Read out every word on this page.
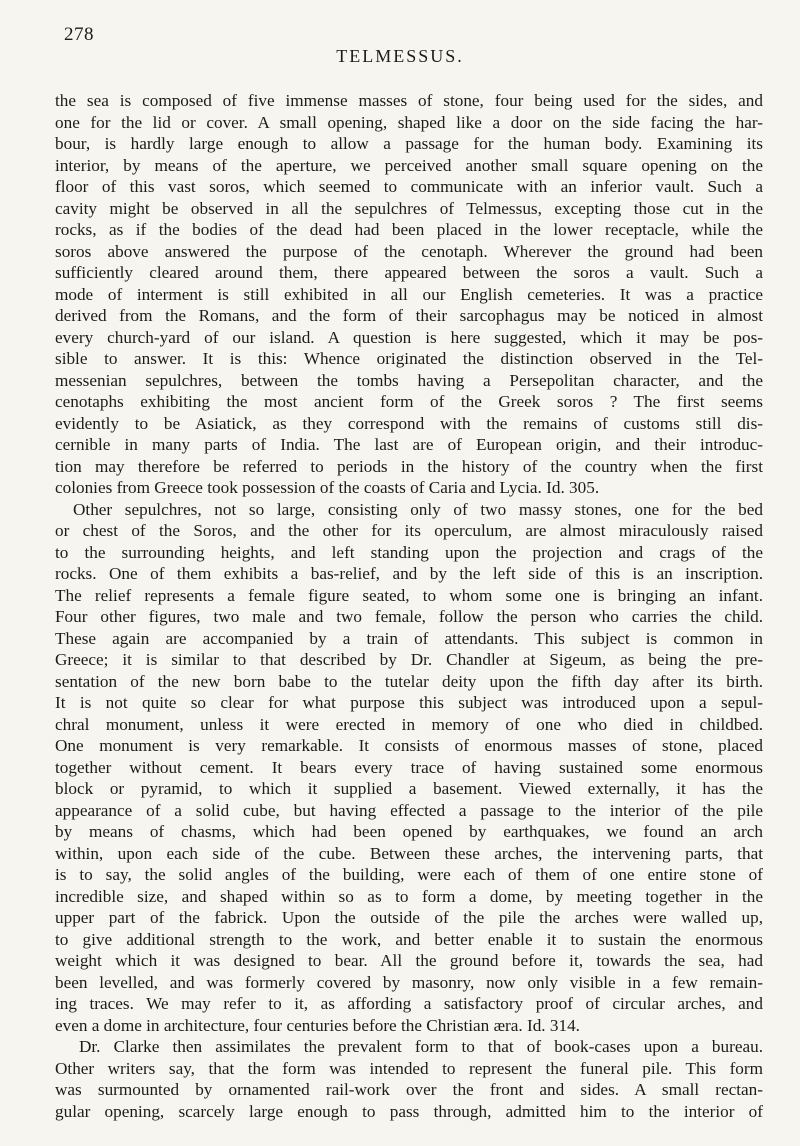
278
TELMESSUS.
the sea is composed of five immense masses of stone, four being used for the sides, and
one for the lid or cover. A small opening, shaped like a door on the side facing the har-
bour, is hardly large enough to allow a passage for the human body. Examining its
interior, by means of the aperture, we perceived another small square opening on the
floor of this vast soros, which seemed to communicate with an inferior vault. Such a
cavity might be observed in all the sepulchres of Telmessus, excepting those cut in the
rocks, as if the bodies of the dead had been placed in the lower receptacle, while the
soros above answered the purpose of the cenotaph. Wherever the ground had been
sufficiently cleared around them, there appeared between the soros a vault. Such a
mode of interment is still exhibited in all our English cemeteries. It was a practice
derived from the Romans, and the form of their sarcophagus may be noticed in almost
every church-yard of our island. A question is here suggested, which it may be pos-
sible to answer. It is this: Whence originated the distinction observed in the Tel-
messenian sepulchres, between the tombs having a Persepolitan character, and the
cenotaphs exhibiting the most ancient form of the Greek soros ? The first seems
evidently to be Asiatick, as they correspond with the remains of customs still dis-
cernible in many parts of India. The last are of European origin, and their introduc-
tion may therefore be referred to periods in the history of the country when the first
colonies from Greece took possession of the coasts of Caria and Lycia. Id. 305.
Other sepulchres, not so large, consisting only of two massy stones, one for the bed
or chest of the Soros, and the other for its operculum, are almost miraculously raised
to the surrounding heights, and left standing upon the projection and crags of the
rocks. One of them exhibits a bas-relief, and by the left side of this is an inscription.
The relief represents a female figure seated, to whom some one is bringing an infant.
Four other figures, two male and two female, follow the person who carries the child.
These again are accompanied by a train of attendants. This subject is common in
Greece; it is similar to that described by Dr. Chandler at Sigeum, as being the pre-
sentation of the new born babe to the tutelar deity upon the fifth day after its birth.
It is not quite so clear for what purpose this subject was introduced upon a sepul-
chral monument, unless it were erected in memory of one who died in childbed.
One monument is very remarkable. It consists of enormous masses of stone, placed
together without cement. It bears every trace of having sustained some enormous
block or pyramid, to which it supplied a basement. Viewed externally, it has the
appearance of a solid cube, but having effected a passage to the interior of the pile
by means of chasms, which had been opened by earthquakes, we found an arch
within, upon each side of the cube. Between these arches, the intervening parts, that
is to say, the solid angles of the building, were each of them of one entire stone of
incredible size, and shaped within so as to form a dome, by meeting together in the
upper part of the fabrick. Upon the outside of the pile the arches were walled up,
to give additional strength to the work, and better enable it to sustain the enormous
weight which it was designed to bear. All the ground before it, towards the sea, had
been levelled, and was formerly covered by masonry, now only visible in a few remain-
ing traces. We may refer to it, as affording a satisfactory proof of circular arches, and
even a dome in architecture, four centuries before the Christian æra. Id. 314.
Dr. Clarke then assimilates the prevalent form to that of book-cases upon a bureau.
Other writers say, that the form was intended to represent the funeral pile. This form
was surmounted by ornamented rail-work over the front and sides. A small rectan-
gular opening, scarcely large enough to pass through, admitted him to the interior of
